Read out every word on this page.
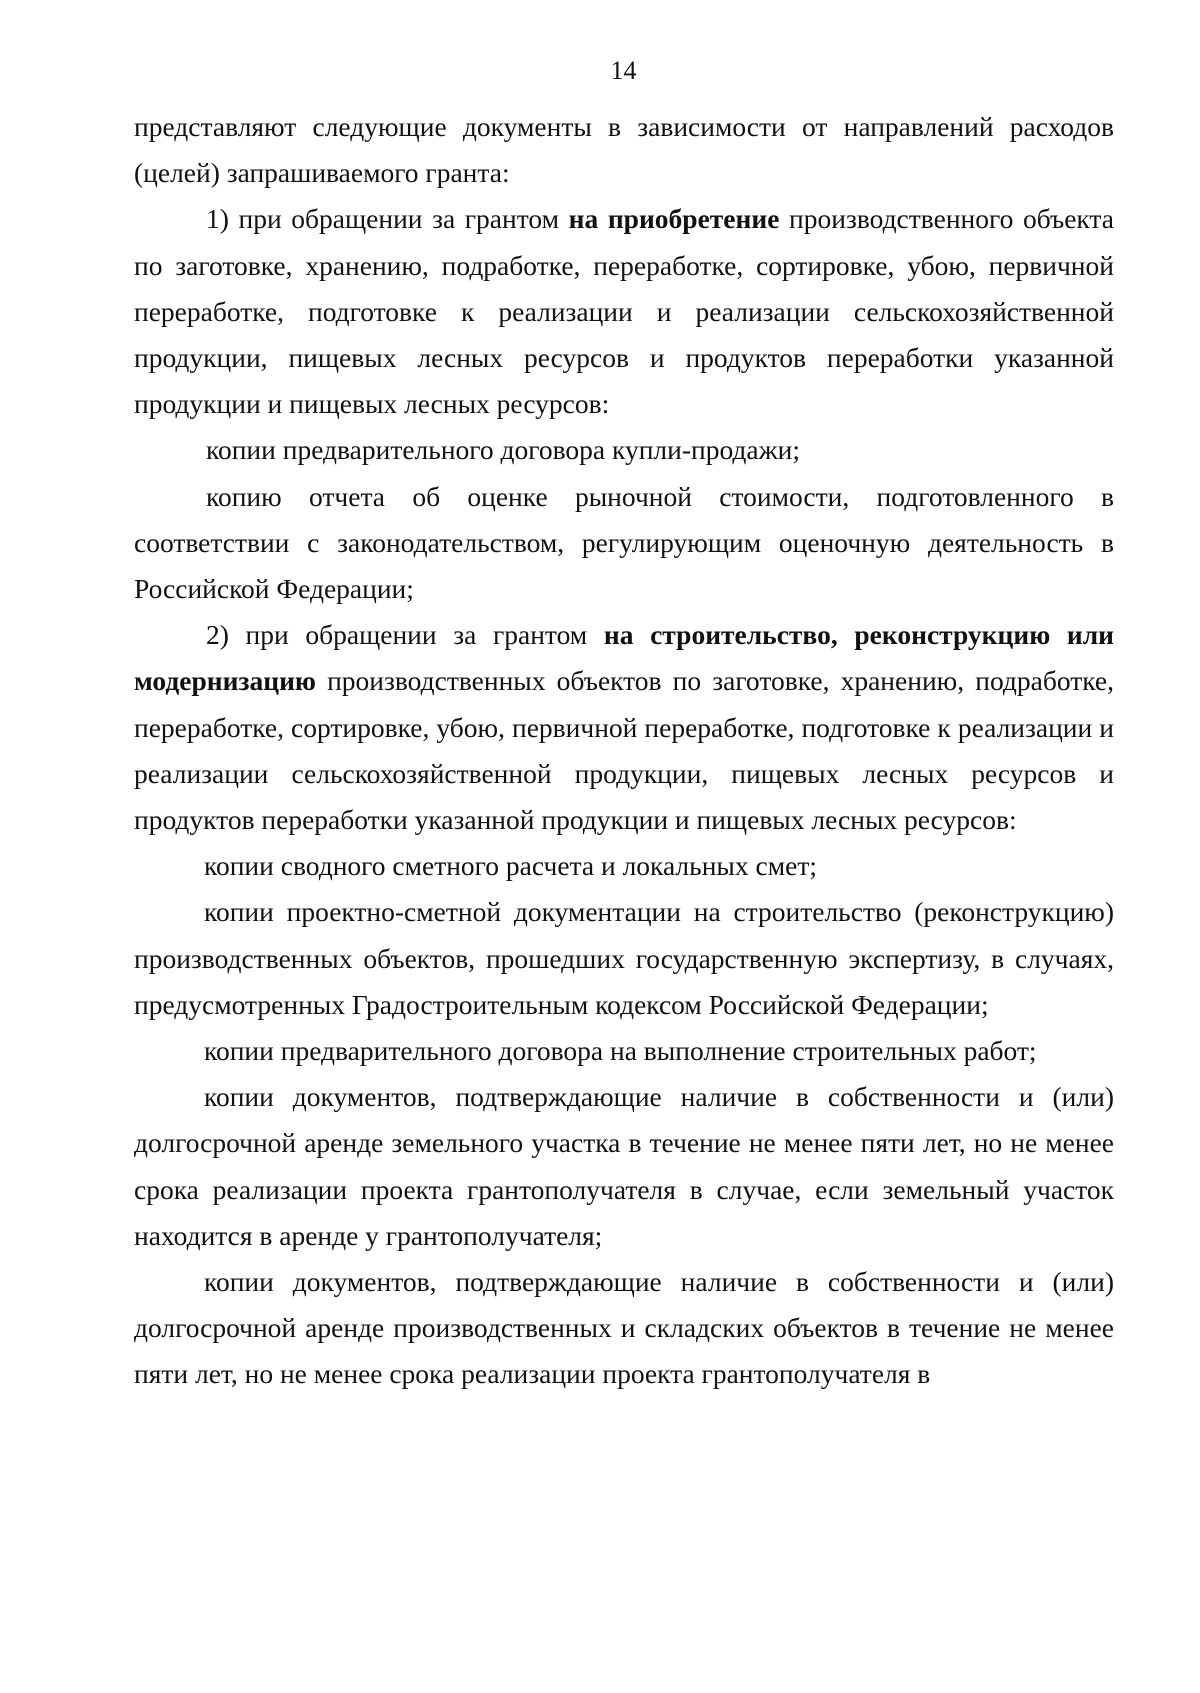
14

представляют следующие документы в зависимости от направлений расходов (целей) запрашиваемого гранта:

1) при обращении за грантом на приобретение производственного объекта по заготовке, хранению, подработке, переработке, сортировке, убою, первичной переработке, подготовке к реализации и реализации сельскохозяйственной продукции, пищевых лесных ресурсов и продуктов переработки указанной продукции и пищевых лесных ресурсов:

копии предварительного договора купли-продажи;

копию отчета об оценке рыночной стоимости, подготовленного в соответствии с законодательством, регулирующим оценочную деятельность в Российской Федерации;

2) при обращении за грантом на строительство, реконструкцию или модернизацию производственных объектов по заготовке, хранению, подработке, переработке, сортировке, убою, первичной переработке, подготовке к реализации и реализации сельскохозяйственной продукции, пищевых лесных ресурсов и продуктов переработки указанной продукции и пищевых лесных ресурсов:

копии сводного сметного расчета и локальных смет;

копии проектно-сметной документации на строительство (реконструкцию) производственных объектов, прошедших государственную экспертизу, в случаях, предусмотренных Градостроительным кодексом Российской Федерации;

копии предварительного договора на выполнение строительных работ;

копии документов, подтверждающие наличие в собственности и (или) долгосрочной аренде земельного участка в течение не менее пяти лет, но не менее срока реализации проекта грантополучателя в случае, если земельный участок находится в аренде у грантополучателя;

копии документов, подтверждающие наличие в собственности и (или) долгосрочной аренде производственных и складских объектов в течение не менее пяти лет, но не менее срока реализации проекта грантополучателя в
